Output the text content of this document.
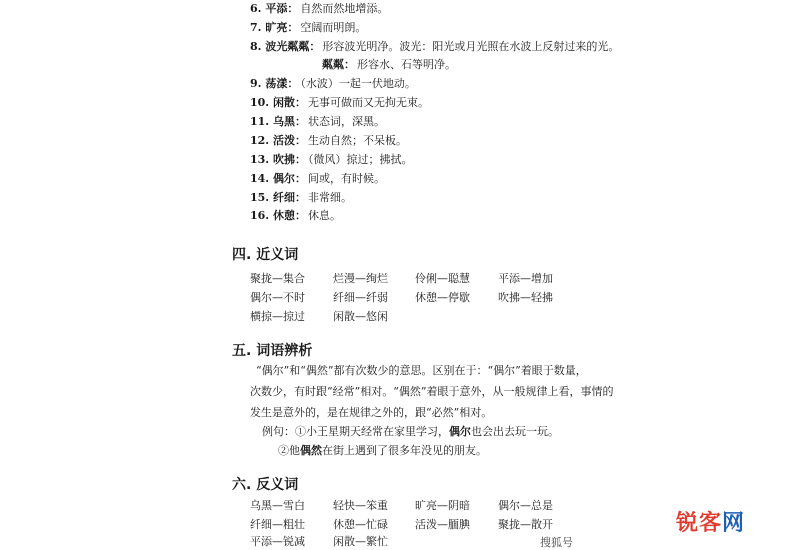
6. 平添： 自然而然地增添。
7. 旷亮： 空阔而明朗。
8. 波光粼粼： 形容波光明净。波光：阳光或月光照在水波上反射过来的光。
粼粼： 形容水、石等明净。
9. 荡漾： （水波）一起一伏地动。
10. 闲散： 无事可做而又无拘无束。
11. 乌黑： 状态词，深黑。
12. 活泼： 生动自然；不呆板。
13. 吹拂： （微风）掠过；拂拭。
14. 偶尔： 间或，有时候。
15. 纤细： 非常细。
16. 休憩： 休息。
四. 近义词
聚拢—集合	烂漫—绚烂 伶俐—聪慧	平添—增加
偶尔—不时	纤细—纤弱 休憩—停歇	吹拂—轻拂
横掠—掠过	闲散—悠闲
五. 词语辨析
“偶尔”和“偶然”都有次数少的意思。区别在于：“偶尔”着眼于数量，
次数少，有时跟“经常”相对。“偶然”着眼于意外，从一般规律上看，事情的
发生是意外的，是在规律之外的，跟“必然”相对。
例句：①小王星期天经常在家里学习，偶尔也会出去玩一玩。
②他偶然在街上遇到了很多年没见的朋友。
六. 反义词
乌黑—雪白	轻快—笨重 旷亮—阴暗	偶尔—总是
纤细—粗壮	休憩—忙碌 活泼—腼腆	聚拢—散开
平添—锐减	闲散—繁忙
锐客网
搜狐号
